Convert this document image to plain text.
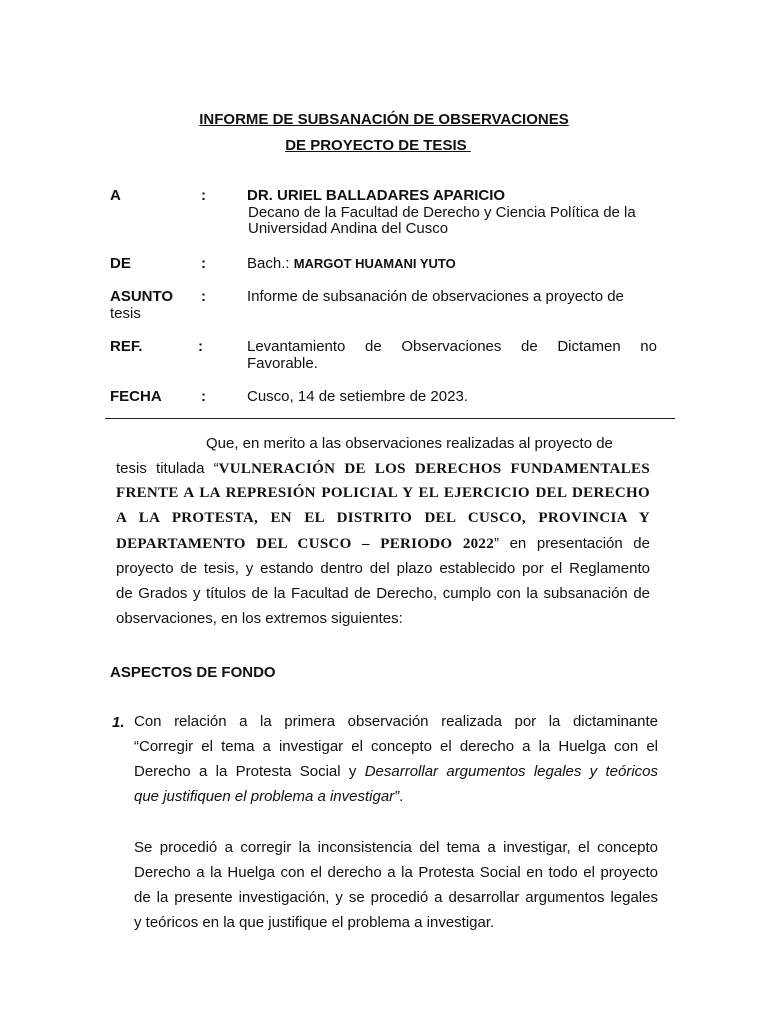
INFORME DE SUBSANACIÓN DE OBSERVACIONES
DE PROYECTO DE TESIS
A	:	DR. URIEL BALLADARES APARICIO
Decano de la Facultad de Derecho y Ciencia Política de la
Universidad Andina del Cusco
DE	:	Bach.: MARGOT HUAMANI YUTO
ASUNTO :	Informe de subsanación de observaciones a proyecto de
tesis
REF.	:	Levantamiento de Observaciones de Dictamen no
Favorable.
FECHA	:	Cusco, 14 de setiembre de 2023.
Que, en merito a las observaciones realizadas al proyecto de
tesis titulada “VULNERACIÓN DE LOS DERECHOS FUNDAMENTALES
FRENTE A LA REPRESIÓN POLICIAL Y EL EJERCICIO DEL DERECHO
A LA PROTESTA, EN EL DISTRITO DEL CUSCO, PROVINCIA Y
DEPARTAMENTO DEL CUSCO – PERIODO 2022” en presentación de
proyecto de tesis, y estando dentro del plazo establecido por el Reglamento
de Grados y títulos de la Facultad de Derecho, cumplo con la subsanación de
observaciones, en los extremos siguientes:
ASPECTOS DE FONDO
1. Con relación a la primera observación realizada por la dictaminante
“Corregir el tema a investigar el concepto el derecho a la Huelga con el
Derecho a la Protesta Social y Desarrollar argumentos legales y teóricos
que justifiquen el problema a investigar”.
Se procedió a corregir la inconsistencia del tema a investigar, el concepto
Derecho a la Huelga con el derecho a la Protesta Social en todo el proyecto
de la presente investigación, y se procedió a desarrollar argumentos legales
y teóricos en la que justifique el problema a investigar.
